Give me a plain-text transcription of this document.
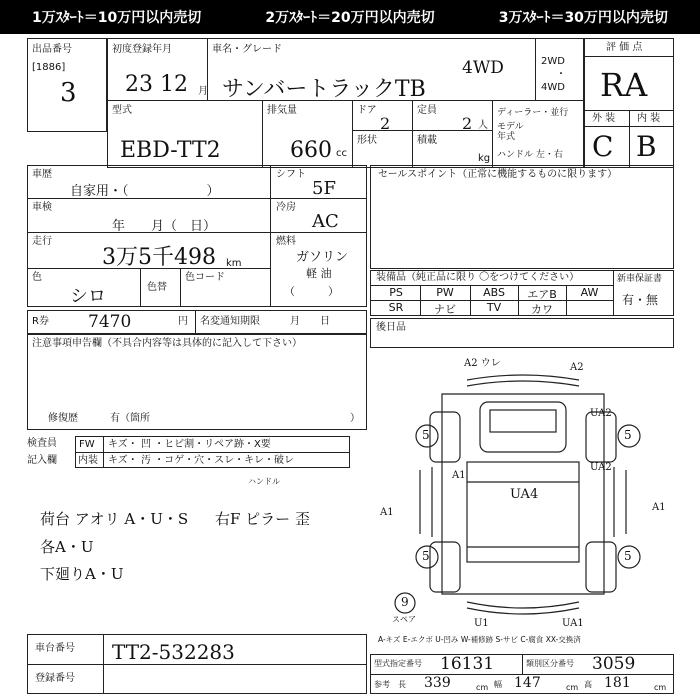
1万ｽﾀｰﾄ＝10万円以内売切	2万ｽﾀｰﾄ＝20万円以内売切	3万ｽﾀｰﾄ＝30万円以内売切
出品番号
[1886]
3
初度登録年月
23 12 月
車名・グレード
サンバートラックTB
4WD	2WD
・
4WD
型式
EBD-TT2
排気量
660 cc
ドア
2
定員
2 人
形状	積載
kg
ディーラー・並行
モデル
年式
ハンドル 左・右
評 価 点
RA
外 装 内 装
C B
車歴
自家用・（　　　　　　）
車検
年　　月（　日）
走行
3万5千498 km
色
シロ	色替
色コード
シフト
5F
冷房
AC
燃料
ガソリン
軽 油
（　　　）
R券 7470	円 名変通知期限	月　　日
注意事項申告欄（不具合内容等は具体的に記入して下さい）
修復歴	有（箇所	）
セールスポイント（正常に機能するものに限ります）
装備品（純正品に限り 〇をつけてください）
PS	PW	ABS	エアB	AW
SR	ナビ	TV	カワ
新車保証書
有・無
後日品
検査員
記入欄
FW キズ・ 凹 ・ヒビ割・リペア跡・X要
内装 キズ・ 汚 ・コゲ・穴・スレ・キレ・破レ
ハンドル
荷台 アオリ A・U・S 右F ピラー 歪
各A・U
下廻りA・U
車台番号 TT2-532283
登録番号
A2 ウレ	A2
UA2
5	5
A1
UA2
UA4
A1	A1
5	5
9
スペア	U1	UA1
A-キズ E-エクボ U-凹み W-補修跡 S-サビ C-腐食 XX-交換済
型式指定番号 16131	類別区分番号 3059
参考 長 339	cm 幅 147	cm 高 181	cm
